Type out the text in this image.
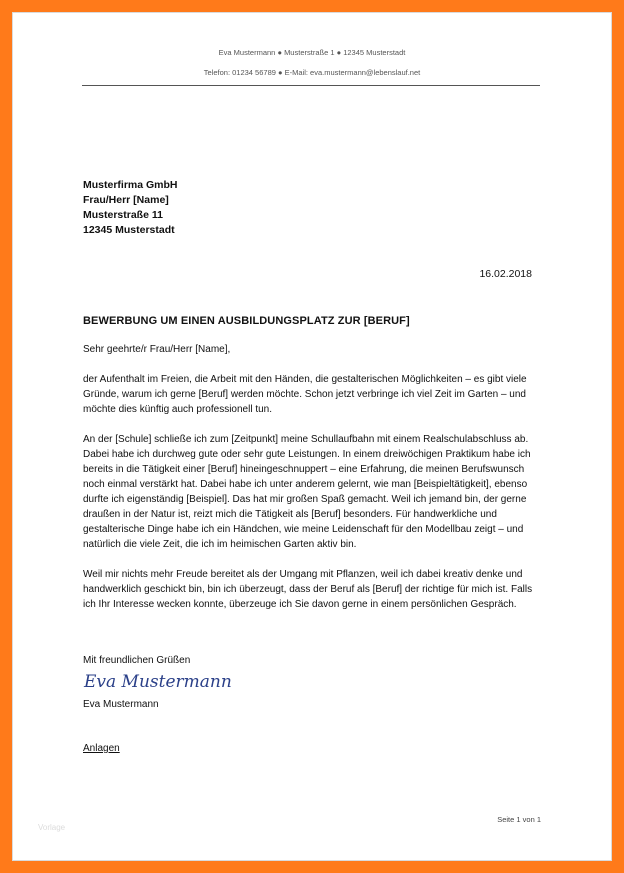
Eva Mustermann ● Musterstraße 1 ● 12345 Musterstadt
Telefon: 01234 56789 ● E-Mail: eva.mustermann@lebenslauf.net
Musterfirma GmbH
Frau/Herr [Name]
Musterstraße 11
12345 Musterstadt
16.02.2018
BEWERBUNG UM EINEN AUSBILDUNGSPLATZ ZUR [BERUF]

Sehr geehrte/r Frau/Herr [Name],

der Aufenthalt im Freien, die Arbeit mit den Händen, die gestalterischen Möglichkeiten – es gibt viele Gründe, warum ich gerne [Beruf] werden möchte. Schon jetzt verbringe ich viel Zeit im Garten – und möchte dies künftig auch professionell tun.

An der [Schule] schließe ich zum [Zeitpunkt] meine Schullaufbahn mit einem Realschulabschluss ab. Dabei habe ich durchweg gute oder sehr gute Leistungen. In einem dreiwöchigen Praktikum habe ich bereits in die Tätigkeit einer [Beruf] hineingeschnuppert – eine Erfahrung, die meinen Berufswunsch noch einmal verstärkt hat. Dabei habe ich unter anderem gelernt, wie man [Beispieltätigkeit], ebenso durfte ich eigenständig [Beispiel]. Das hat mir großen Spaß gemacht. Weil ich jemand bin, der gerne draußen in der Natur ist, reizt mich die Tätigkeit als [Beruf] besonders. Für handwerkliche und gestalterische Dinge habe ich ein Händchen, wie meine Leidenschaft für den Modellbau zeigt – und natürlich die viele Zeit, die ich im heimischen Garten aktiv bin.

Weil mir nichts mehr Freude bereitet als der Umgang mit Pflanzen, weil ich dabei kreativ denke und handwerklich geschickt bin, bin ich überzeugt, dass der Beruf als [Beruf] der richtige für mich ist. Falls ich Ihr Interesse wecken konnte, überzeuge ich Sie davon gerne in einem persönlichen Gespräch.

Mit freundlichen Grüßen
Eva Mustermann
Eva Mustermann
Anlagen
Seite 1 von 1
Vorlage
